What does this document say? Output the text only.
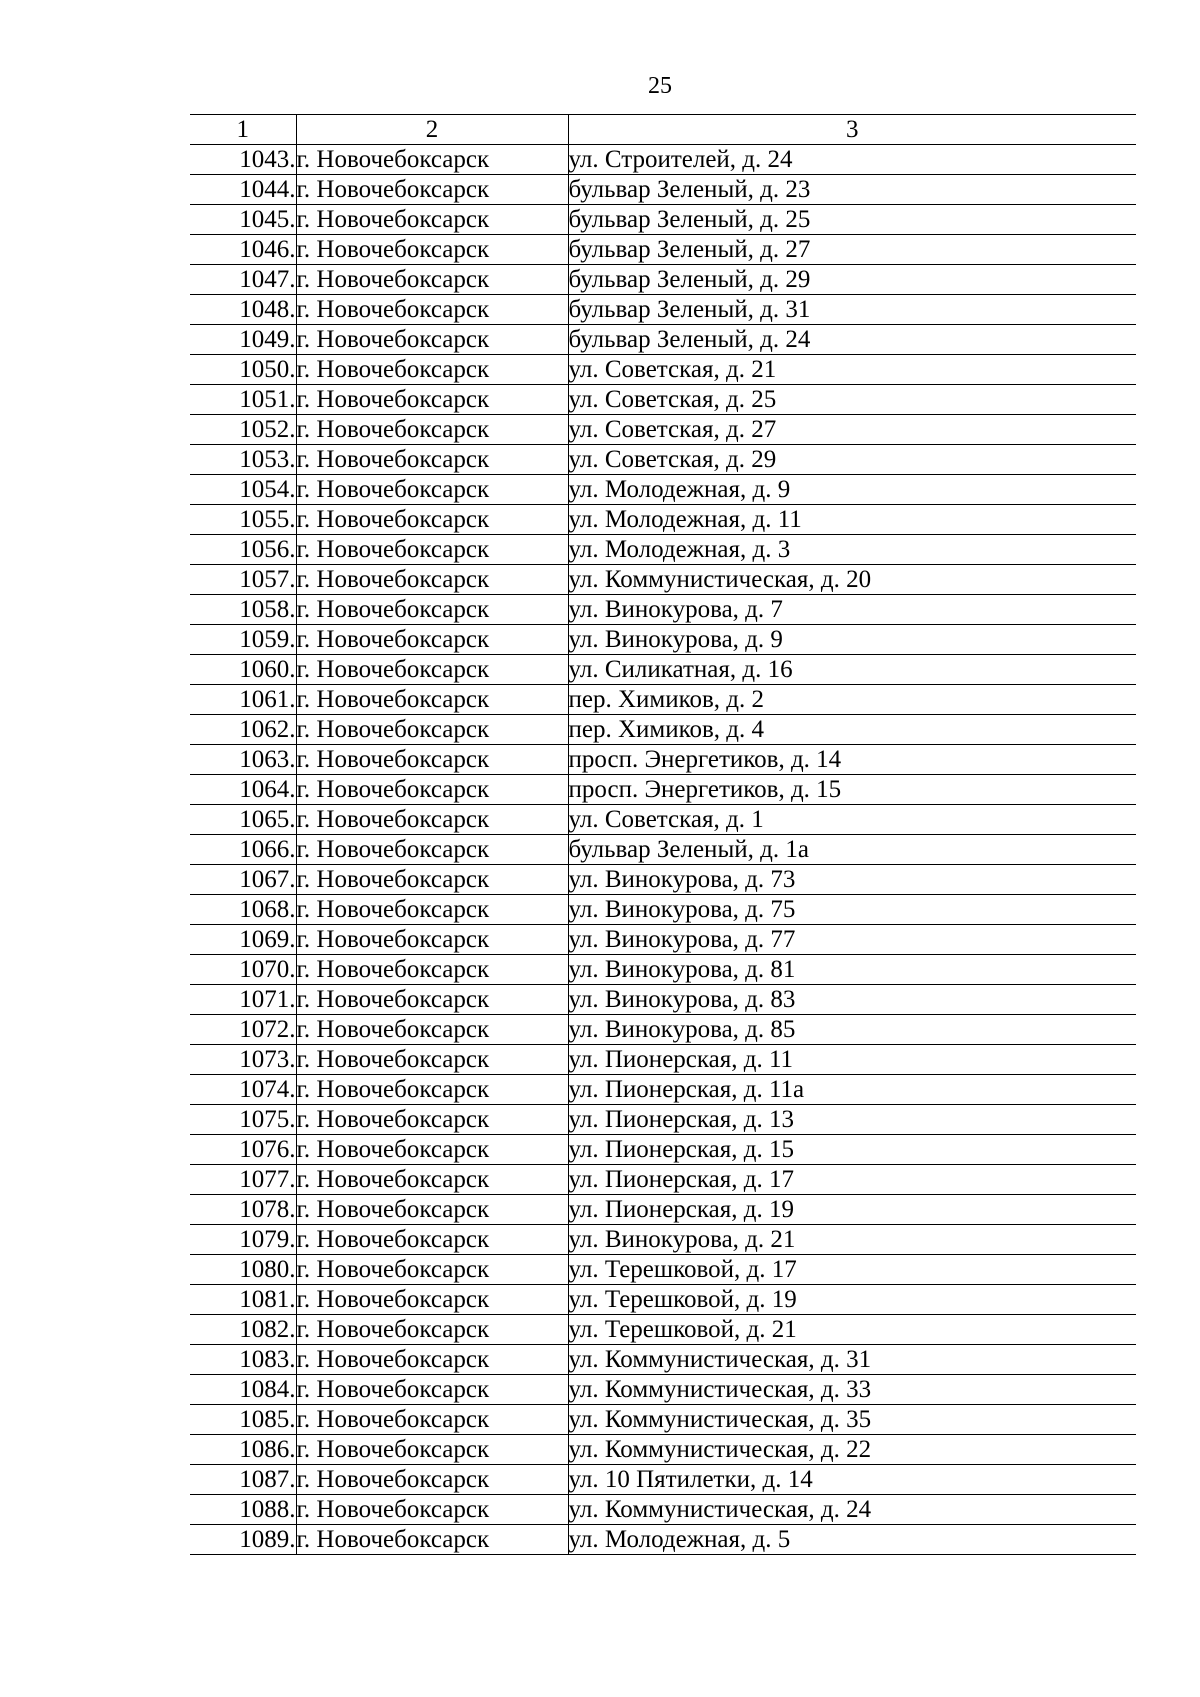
25
1	2	3
1043.	г. Новочебоксарск	ул. Строителей, д. 24
1044.	г. Новочебоксарск	бульвар Зеленый, д. 23
1045.	г. Новочебоксарск	бульвар Зеленый, д. 25
1046.	г. Новочебоксарск	бульвар Зеленый, д. 27
1047.	г. Новочебоксарск	бульвар Зеленый, д. 29
1048.	г. Новочебоксарск	бульвар Зеленый, д. 31
1049.	г. Новочебоксарск	бульвар Зеленый, д. 24
1050.	г. Новочебоксарск	ул. Советская, д. 21
1051.	г. Новочебоксарск	ул. Советская, д. 25
1052.	г. Новочебоксарск	ул. Советская, д. 27
1053.	г. Новочебоксарск	ул. Советская, д. 29
1054.	г. Новочебоксарск	ул. Молодежная, д. 9
1055.	г. Новочебоксарск	ул. Молодежная, д. 11
1056.	г. Новочебоксарск	ул. Молодежная, д. 3
1057.	г. Новочебоксарск	ул. Коммунистическая, д. 20
1058.	г. Новочебоксарск	ул. Винокурова, д. 7
1059.	г. Новочебоксарск	ул. Винокурова, д. 9
1060.	г. Новочебоксарск	ул. Силикатная, д. 16
1061.	г. Новочебоксарск	пер. Химиков, д. 2
1062.	г. Новочебоксарск	пер. Химиков, д. 4
1063.	г. Новочебоксарск	просп. Энергетиков, д. 14
1064.	г. Новочебоксарск	просп. Энергетиков, д. 15
1065.	г. Новочебоксарск	ул. Советская, д. 1
1066.	г. Новочебоксарск	бульвар Зеленый, д. 1а
1067.	г. Новочебоксарск	ул. Винокурова, д. 73
1068.	г. Новочебоксарск	ул. Винокурова, д. 75
1069.	г. Новочебоксарск	ул. Винокурова, д. 77
1070.	г. Новочебоксарск	ул. Винокурова, д. 81
1071.	г. Новочебоксарск	ул. Винокурова, д. 83
1072.	г. Новочебоксарск	ул. Винокурова, д. 85
1073.	г. Новочебоксарск	ул. Пионерская, д. 11
1074.	г. Новочебоксарск	ул. Пионерская, д. 11а
1075.	г. Новочебоксарск	ул. Пионерская, д. 13
1076.	г. Новочебоксарск	ул. Пионерская, д. 15
1077.	г. Новочебоксарск	ул. Пионерская, д. 17
1078.	г. Новочебоксарск	ул. Пионерская, д. 19
1079.	г. Новочебоксарск	ул. Винокурова, д. 21
1080.	г. Новочебоксарск	ул. Терешковой, д. 17
1081.	г. Новочебоксарск	ул. Терешковой, д. 19
1082.	г. Новочебоксарск	ул. Терешковой, д. 21
1083.	г. Новочебоксарск	ул. Коммунистическая, д. 31
1084.	г. Новочебоксарск	ул. Коммунистическая, д. 33
1085.	г. Новочебоксарск	ул. Коммунистическая, д. 35
1086.	г. Новочебоксарск	ул. Коммунистическая, д. 22
1087.	г. Новочебоксарск	ул. 10 Пятилетки, д. 14
1088.	г. Новочебоксарск	ул. Коммунистическая, д. 24
1089.	г. Новочебоксарск	ул. Молодежная, д. 5
